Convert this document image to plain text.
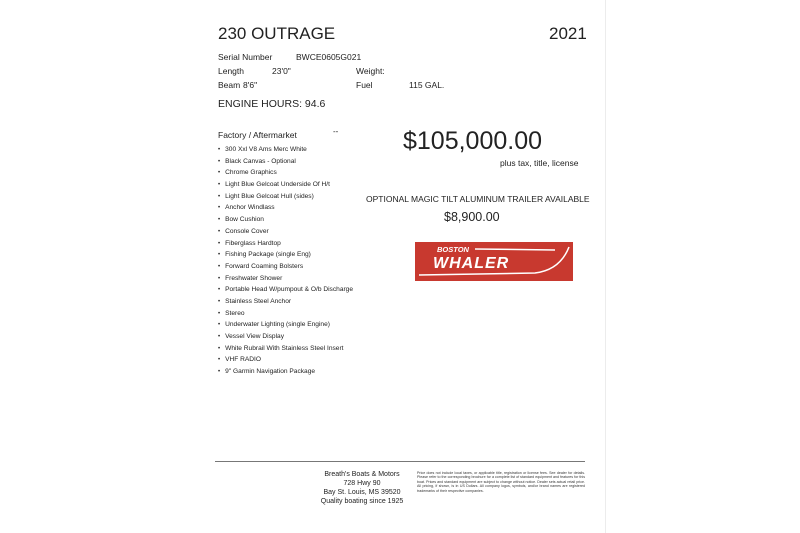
230 OUTRAGE	2021
Serial Number	BWCE0605G021
Length	23'0"	Weight:
Beam 8'6"	Fuel	115 GAL.
ENGINE HOURS: 94.6
Factory / Aftermarket	--
• 300 Xxl V8 Ams Merc White
• Black Canvas - Optional
• Chrome Graphics
• Light Blue Gelcoat Underside Of H/t
• Light Blue Gelcoat Hull (sides)
• Anchor Windlass
• Bow Cushion
• Console Cover
• Fiberglass Hardtop
• Fishing Package (single Eng)
• Forward Coaming Bolsters
• Freshwater Shower
• Portable Head W/pumpout & O/b Discharge
• Stainless Steel Anchor
• Stereo
• Underwater Lighting (single Engine)
• Vessel View Display
• White Rubrail With Stainless Steel Insert
• VHF RADIO
• 9" Garmin Navigation Package
$105,000.00
plus tax, title, license
OPTIONAL MAGIC TILT ALUMINUM TRAILER AVAILABLE
$8,900.00
BOSTON
WHALER
Breath's Boats & Motors
728 Hwy 90
Bay St. Louis, MS 39520
Quality boating since 1925
Price does not include local taxes, or applicable title, registration or license fees. See dealer for details. Please refer to the corresponding brochure for a complete list of standard equipment and features for this boat. Prices and standard equipment are subject to change without notice. Dealer sets actual retail price. All pricing, if shown, is in US Dollars. All company logos, symbols, and/or brand names are registered trademarks of their respective companies.
